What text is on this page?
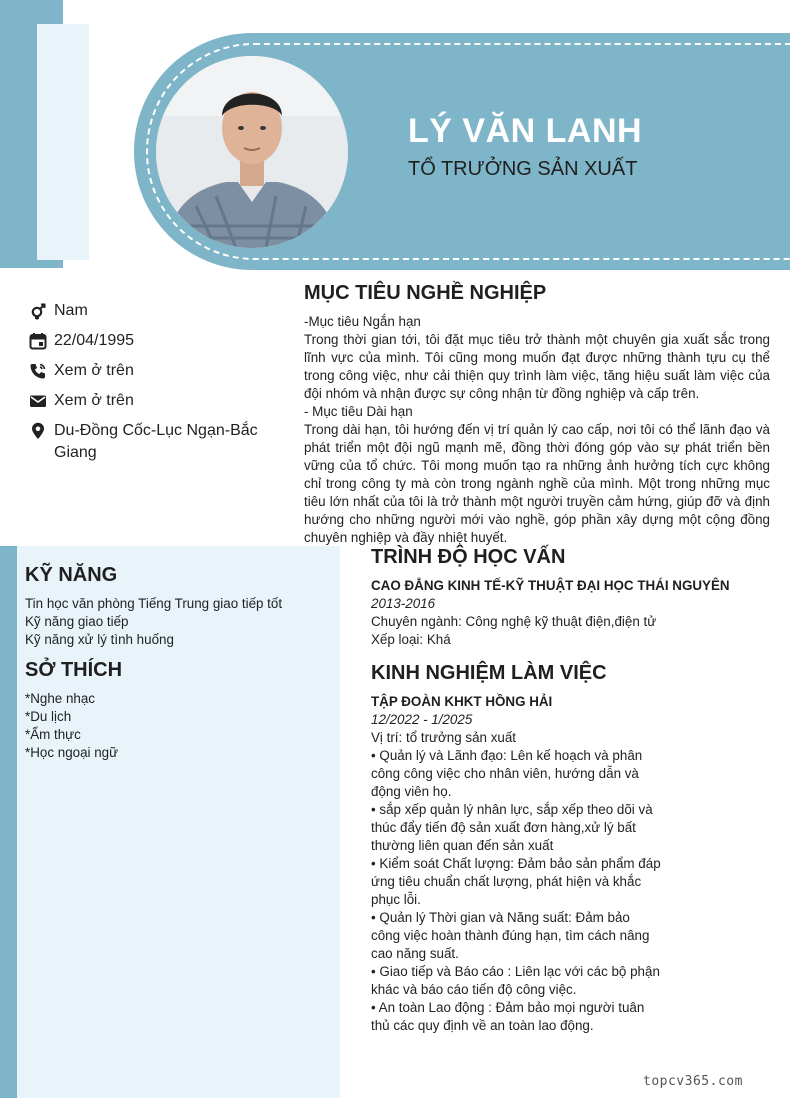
LÝ VĂN LANH
TỔ TRƯỞNG SẢN XUẤT
Nam
22/04/1995
Xem ở trên
Xem ở trên
Du-Đồng Cốc-Lục Ngạn-Bắc Giang
MỤC TIÊU NGHỀ NGHIỆP
-Mục tiêu Ngắn hạn
Trong thời gian tới, tôi đặt mục tiêu trở thành một chuyên gia xuất sắc trong lĩnh vực của mình. Tôi cũng mong muốn đạt được những thành tựu cụ thể trong công việc, như cải thiện quy trình làm việc, tăng hiệu suất làm việc của đội nhóm và nhận được sự công nhận từ đồng nghiệp và cấp trên.
- Mục tiêu Dài hạn
Trong dài hạn, tôi hướng đến vị trí quản lý cao cấp, nơi tôi có thể lãnh đạo và phát triển một đội ngũ mạnh mẽ, đồng thời đóng góp vào sự phát triển bền vững của tổ chức. Tôi mong muốn tạo ra những ảnh hưởng tích cực không chỉ trong công ty mà còn trong ngành nghề của mình. Một trong những mục tiêu lớn nhất của tôi là trở thành một người truyền cảm hứng, giúp đỡ và định hướng cho những người mới vào nghề, góp phần xây dựng một cộng đồng chuyên nghiệp và đầy nhiệt huyết.
KỸ NĂNG
Tin học văn phòng Tiếng Trung giao tiếp tốt
Kỹ năng giao tiếp
Kỹ năng xử lý tình huống
SỞ THÍCH
*Nghe nhạc
*Du lịch
*Ẩm thực
*Học ngoại ngữ
TRÌNH ĐỘ HỌC VẤN
CAO ĐẲNG KINH TẾ-KỸ THUẬT ĐẠI HỌC THÁI NGUYÊN
2013-2016
Chuyên ngành: Công nghệ kỹ thuật điện,điện tử
Xếp loại: Khá
KINH NGHIỆM LÀM VIỆC
TẬP ĐOÀN KHKT HỒNG HẢI
12/2022 - 1/2025
Vị trí: tổ trưởng sản xuất
• Quản lý và Lãnh đạo: Lên kế hoạch và phân công công việc cho nhân viên, hướng dẫn và động viên họ.
• sắp xếp quản lý nhân lực, sắp xếp theo dõi và thúc đẩy tiến độ sản xuất đơn hàng,xử lý bất thường liên quan đến sản xuất
• Kiểm soát Chất lượng: Đảm bảo sản phẩm đáp ứng tiêu chuẩn chất lượng, phát hiện và khắc phục lỗi.
• Quản lý Thời gian và Năng suất: Đảm bảo công việc hoàn thành đúng hạn, tìm cách nâng cao năng suất.
• Giao tiếp và Báo cáo : Liên lạc với các bộ phận khác và báo cáo tiến độ công việc.
• An toàn Lao động : Đảm bảo mọi người tuân thủ các quy định về an toàn lao động.
topcv365.com
